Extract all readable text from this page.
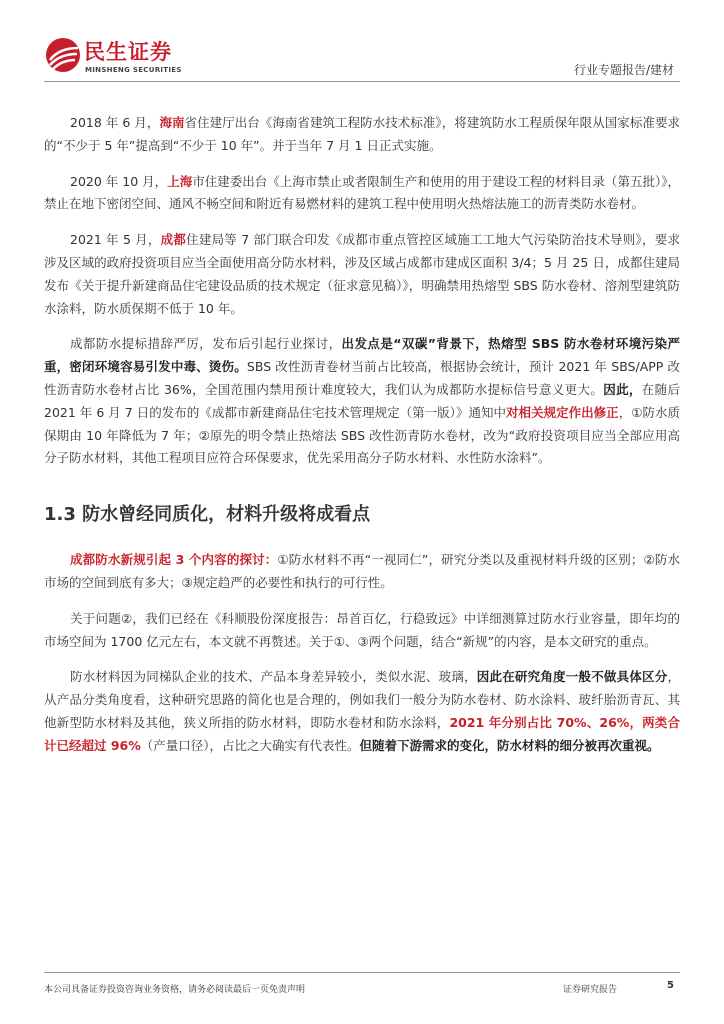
民生证券
MINSHENG SECURITIES	行业专题报告/建材

2018 年 6 月，海南省住建厅出台《海南省建筑工程防水技术标准》，将建筑防水工程质保年限从国家标准要求的“不少于 5 年”提高到“不少于 10 年”。并于当年 7 月 1 日正式实施。

2020 年 10 月，上海市住建委出台《上海市禁止或者限制生产和使用的用于建设工程的材料目录（第五批）》，禁止在地下密闭空间、通风不畅空间和附近有易燃材料的建筑工程中使用明火热熔法施工的沥青类防水卷材。

2021 年 5 月，成都住建局等 7 部门联合印发《成都市重点管控区域施工工地大气污染防治技术导则》，要求涉及区域的政府投资项目应当全面使用高分防水材料，涉及区域占成都市建成区面积 3/4；5 月 25 日，成都住建局发布《关于提升新建商品住宅建设品质的技术规定（征求意见稿）》，明确禁用热熔型 SBS 防水卷材、溶剂型建筑防水涂料，防水质保期不低于 10 年。

成都防水提标措辞严厉，发布后引起行业探讨，出发点是“双碳”背景下，热熔型 SBS 防水卷材环境污染严重，密闭环境容易引发中毒、烫伤。SBS 改性沥青卷材当前占比较高，根据协会统计，预计 2021 年 SBS/APP 改性沥青防水卷材占比 36%，全国范围内禁用预计难度较大，我们认为成都防水提标信号意义更大。因此，在随后 2021 年 6 月 7 日的发布的《成都市新建商品住宅技术管理规定（第一版）》通知中对相关规定作出修正，①防水质保期由 10 年降低为 7 年；②原先的明令禁止热熔法 SBS 改性沥青防水卷材，改为“政府投资项目应当全部应用高分子防水材料，其他工程项目应符合环保要求，优先采用高分子防水材料、水性防水涂料”。

1.3 防水曾经同质化，材料升级将成看点

成都防水新规引起 3 个内容的探讨：①防水材料不再“一视同仁”，研究分类以及重视材料升级的区别；②防水市场的空间到底有多大；③规定趋严的必要性和执行的可行性。

关于问题②，我们已经在《科顺股份深度报告：昂首百亿，行稳致远》中详细测算过防水行业容量，即年均的市场空间为 1700 亿元左右，本文就不再赘述。关于①、③两个问题，结合“新规”的内容，是本文研究的重点。

防水材料因为同梯队企业的技术、产品本身差异较小，类似水泥、玻璃，因此在研究角度一般不做具体区分，从产品分类角度看，这种研究思路的简化也是合理的，例如我们一般分为防水卷材、防水涂料、玻纤胎沥青瓦、其他新型防水材料及其他，狭义所指的防水材料，即防水卷材和防水涂料，2021 年分别占比 70%、26%，两类合计已经超过 96%（产量口径），占比之大确实有代表性。但随着下游需求的变化，防水材料的细分被再次重视。

本公司具备证券投资咨询业务资格，请务必阅读最后一页免责声明	证券研究报告	5
